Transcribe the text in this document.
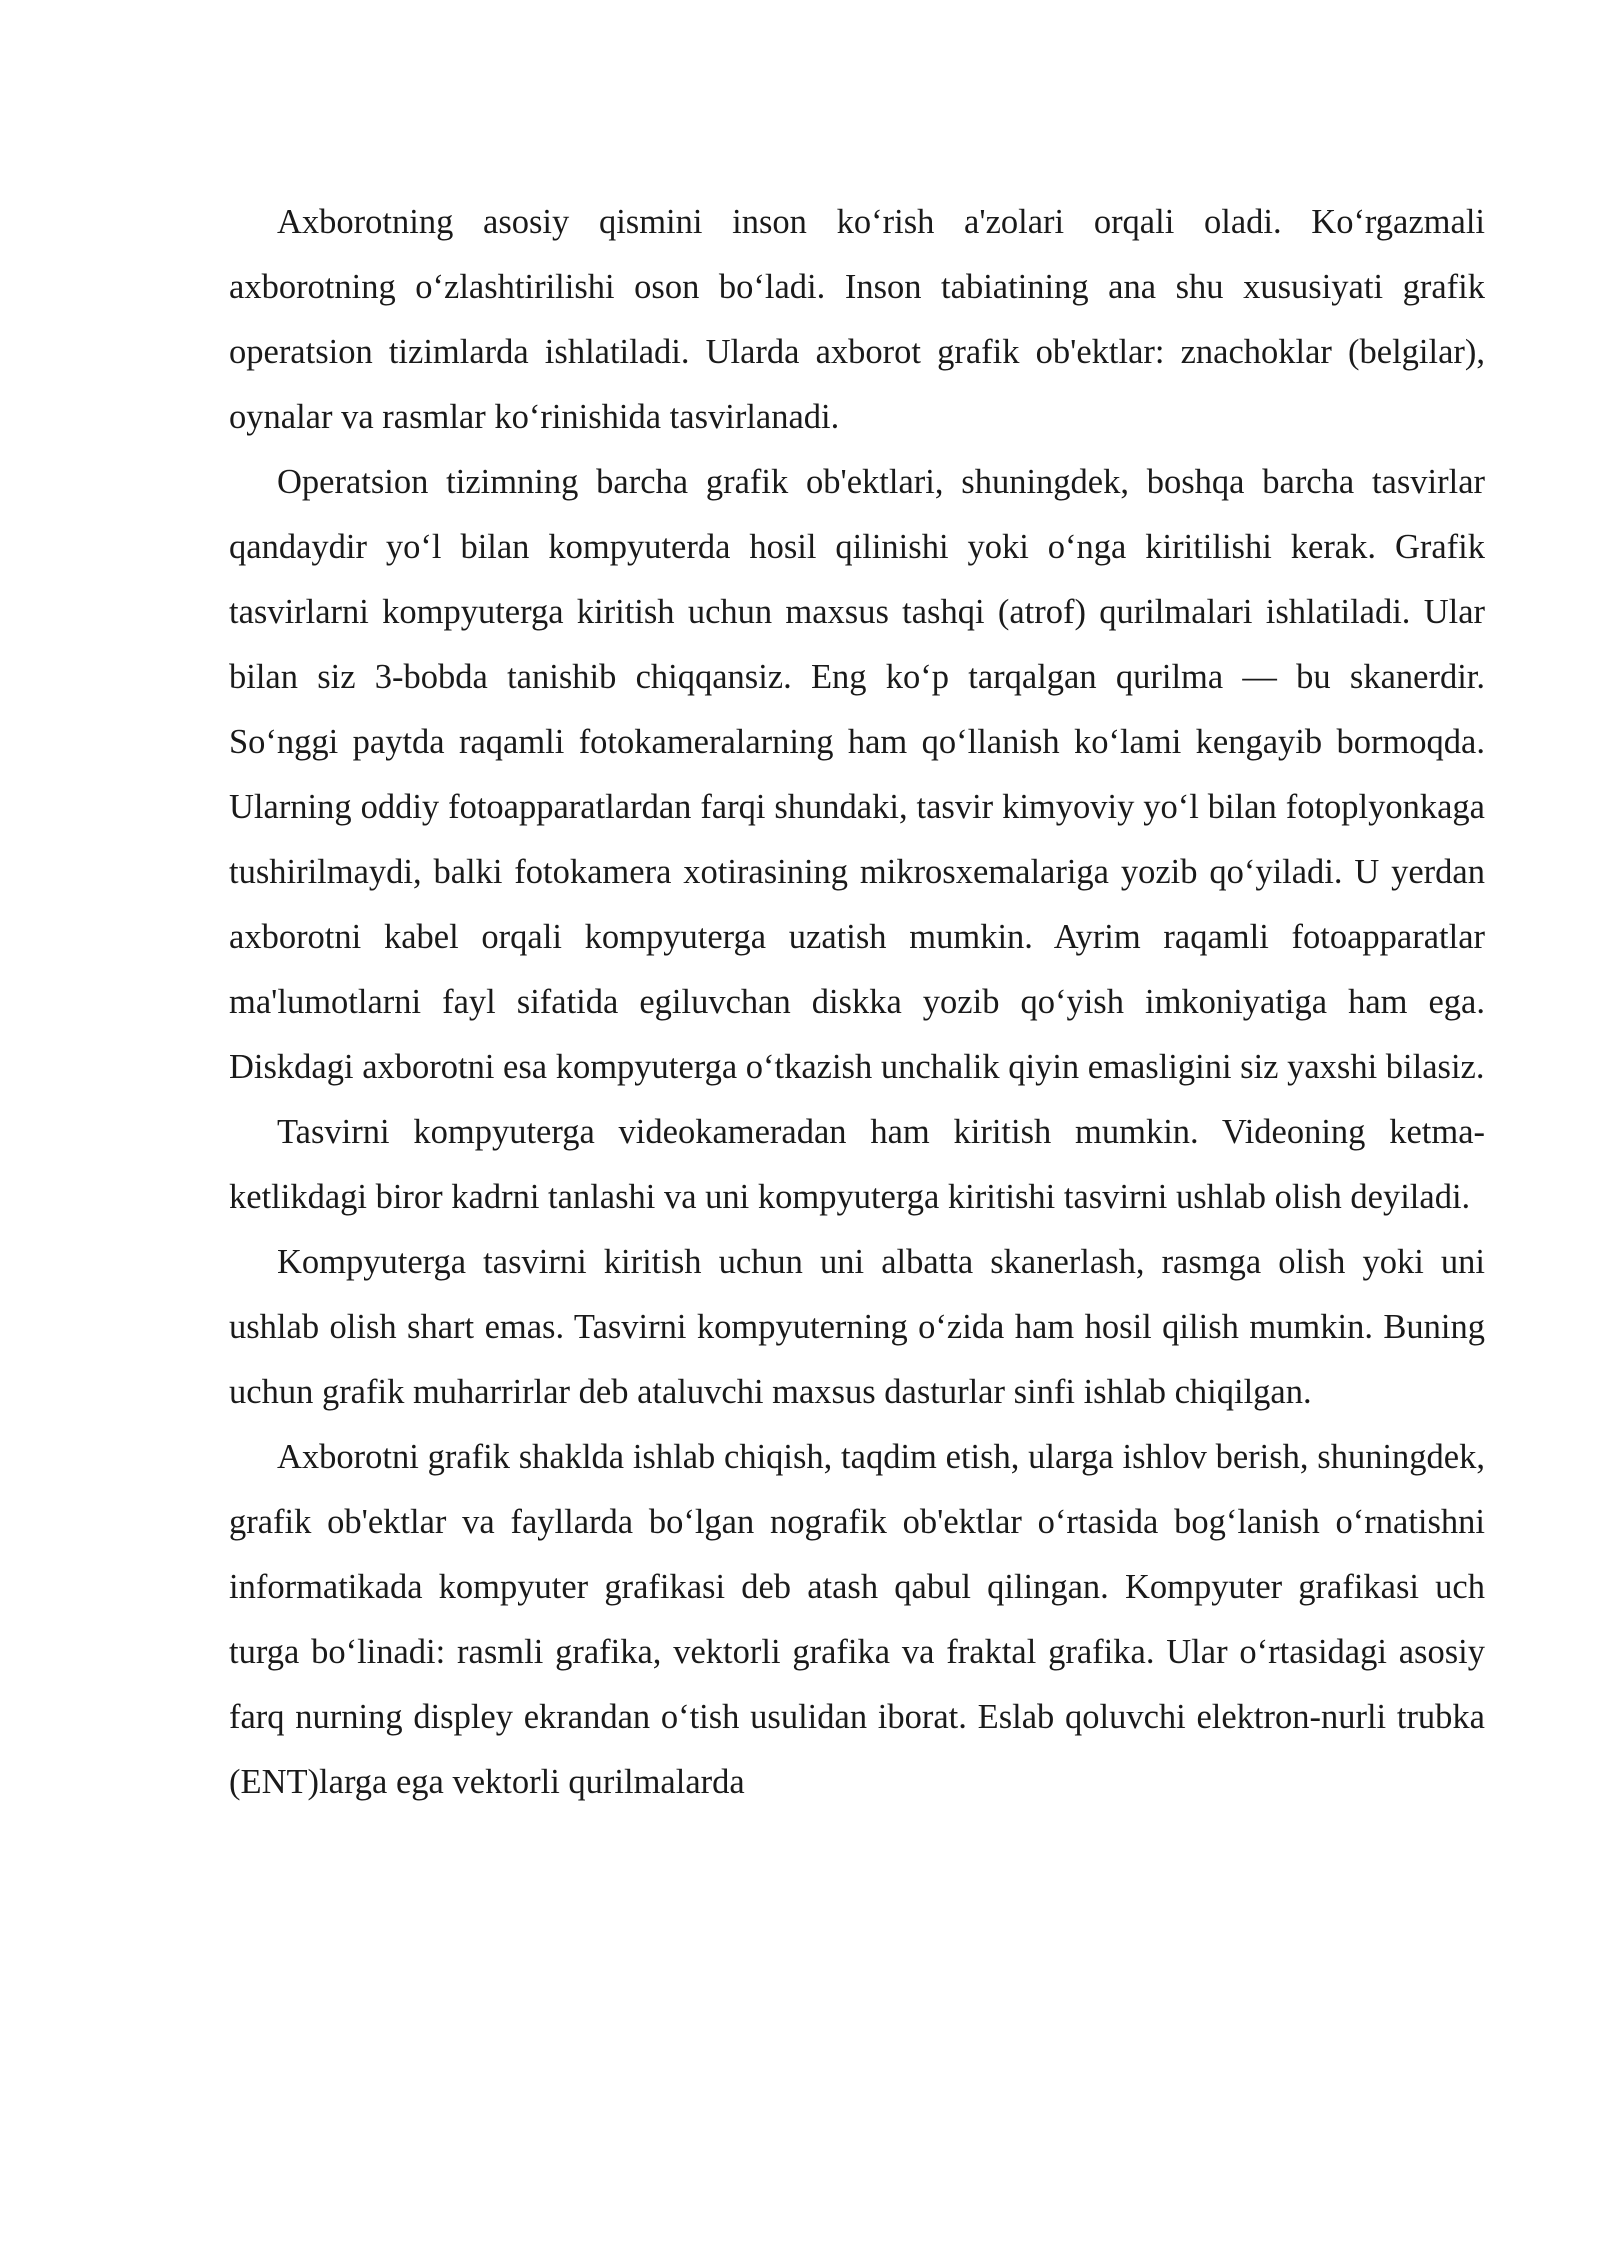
Axborotning asosiy qismini inson ko‘rish a'zolari orqali oladi. Ko‘rgazmali axborotning o‘zlashtirilishi oson bo‘ladi. Inson tabiatining ana shu xususiyati grafik operatsion tizimlarda ishlatiladi. Ularda axborot grafik ob'ektlar: znachoklar (belgilar), oynalar va rasmlar ko‘rinishida tasvirlanadi.

Operatsion tizimning barcha grafik ob'ektlari, shuningdek, boshqa barcha tasvirlar qandaydir yo‘l bilan kompyuterda hosil qilinishi yoki o‘nga kiritilishi kerak. Grafik tasvirlarni kompyuterga kiritish uchun maxsus tashqi (atrof) qurilmalari ishlatiladi. Ular bilan siz 3-bobda tanishib chiqqansiz. Eng ko‘p tarqalgan qurilma — bu skanerdir. So‘nggi paytda raqamli fotokameralarning ham qo‘llanish ko‘lami kengayib bormoqda. Ularning oddiy fotoapparatlardan farqi shundaki, tasvir kimyoviy yo‘l bilan fotoplyonkaga tushirilmaydi, balki fotokamera xotirasining mikrosxemalariga yozib qo‘yiladi. U yerdan axborotni kabel orqali kompyuterga uzatish mumkin. Ayrim raqamli fotoapparatlar ma'lumotlarni fayl sifatida egiluvchan diskka yozib qo‘yish imkoniyatiga ham ega. Diskdagi axborotni esa kompyuterga o‘tkazish unchalik qiyin emasligini siz yaxshi bilasiz.

Tasvirni kompyuterga videokameradan ham kiritish mumkin. Videoning ketma-ketlikdagi biror kadrni tanlashi va uni kompyuterga kiritishi tasvirni ushlab olish deyiladi.

Kompyuterga tasvirni kiritish uchun uni albatta skanerlash, rasmga olish yoki uni ushlab olish shart emas. Tasvirni kompyuterning o‘zida ham hosil qilish mumkin. Buning uchun grafik muharrirlar deb ataluvchi maxsus dasturlar sinfi ishlab chiqilgan.

Axborotni grafik shaklda ishlab chiqish, taqdim etish, ularga ishlov berish, shuningdek, grafik ob'ektlar va fayllarda bo‘lgan nografik ob'ektlar o‘rtasida bog‘lanish o‘rnatishni informatikada kompyuter grafikasi deb atash qabul qilingan. Kompyuter grafikasi uch turga bo‘linadi: rasmli grafika, vektorli grafika va fraktal grafika. Ular o‘rtasidagi asosiy farq nurning displey ekrandan o‘tish usulidan iborat. Eslab qoluvchi elektron-nurli trubka (ENT)larga ega vektorli qurilmalarda
